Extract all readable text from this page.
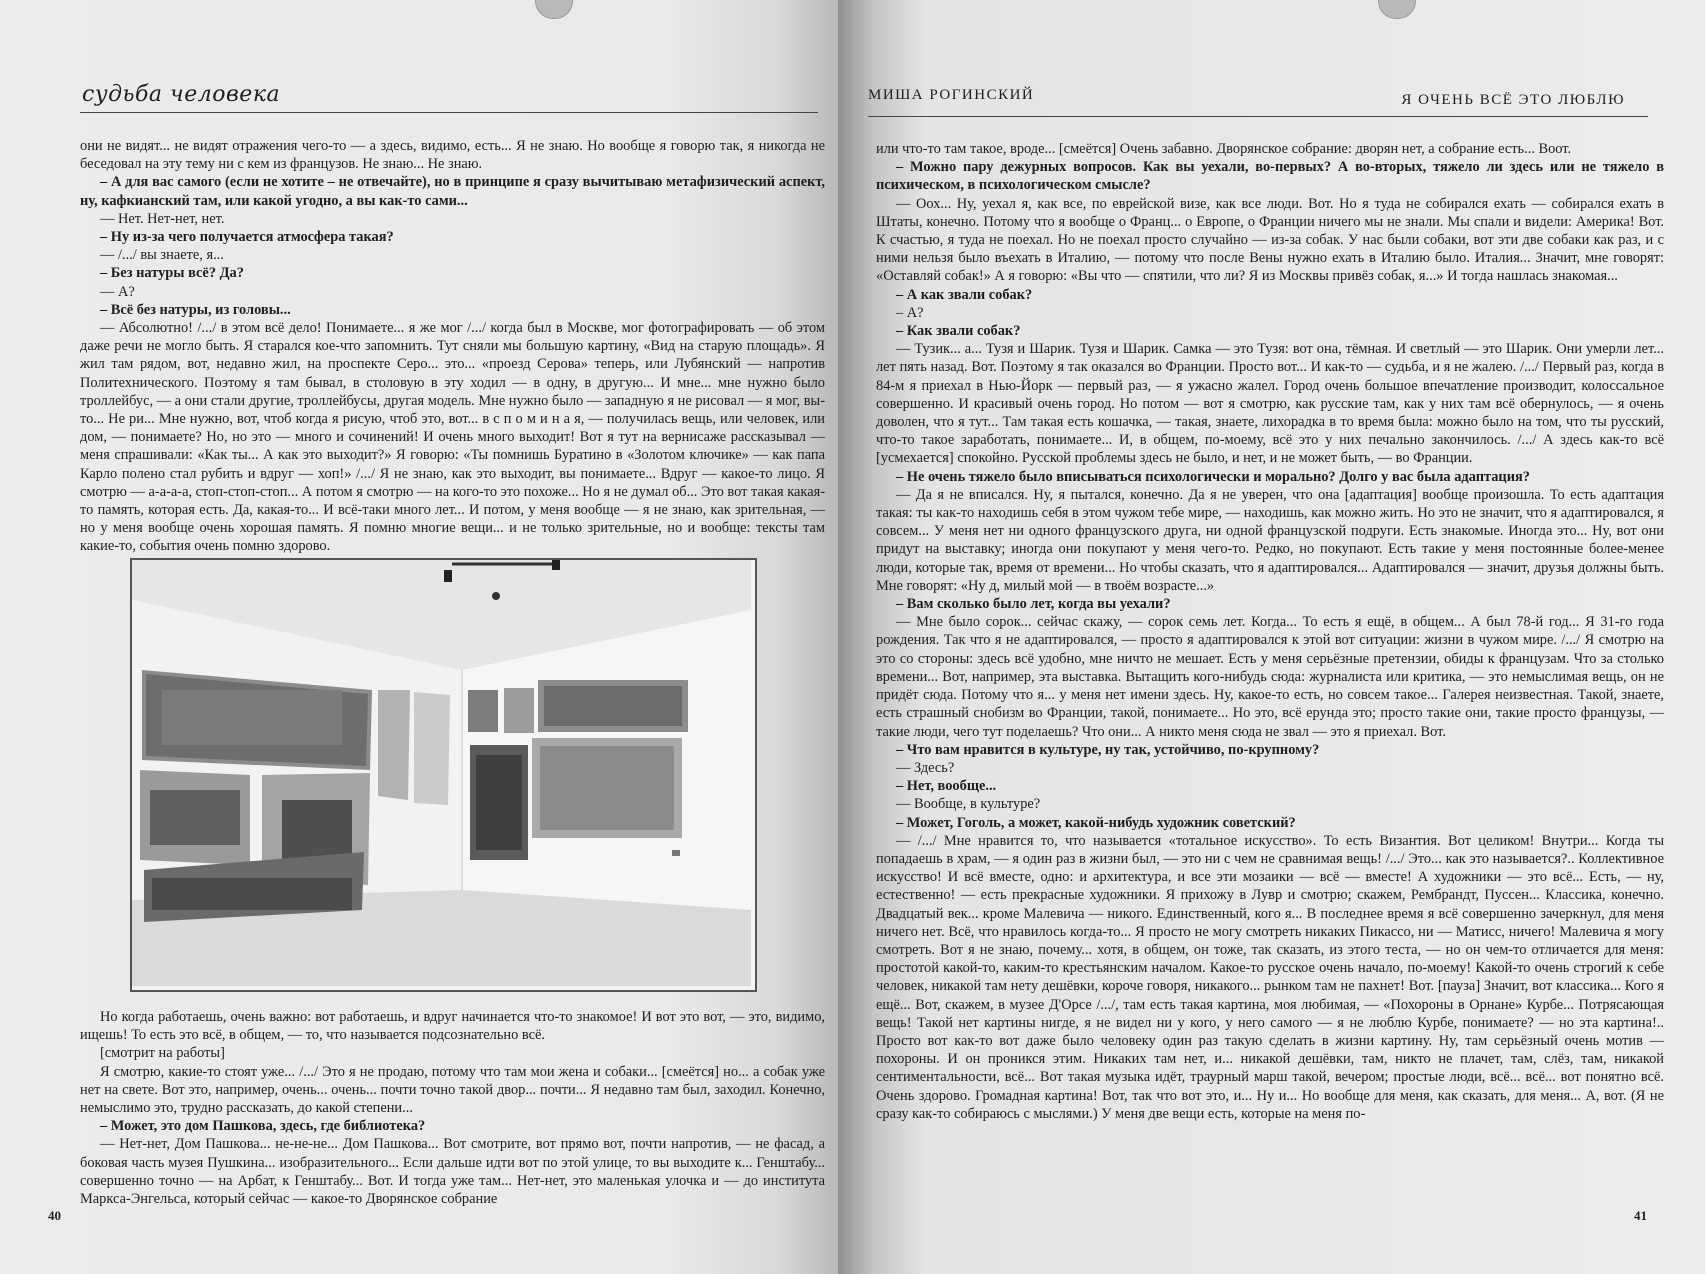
судьба человека

они не видят... не видят отражения чего-то — а здесь, видимо, есть... Я не знаю. Но вообще я говорю так, я никогда не беседовал на эту тему ни с кем из французов. Не знаю... Не знаю.

– А для вас самого (если не хотите – не отвечайте), но в принципе я сразу вычитываю метафизический аспект, ну, кафкианский там, или какой угодно, а вы как-то сами...

— Нет. Нет-нет, нет.

– Ну из-за чего получается атмосфера такая?

— /.../ вы знаете, я...

– Без натуры всё? Да?

— А?

– Всё без натуры, из головы...

— Абсолютно! /.../ в этом всё дело! Понимаете... я же мог /.../ когда был в Москве, мог фотографировать — об этом даже речи не могло быть. Я старался кое-что запомнить. Тут сняли мы большую картину, «Вид на старую площадь». Я жил там рядом, вот, недавно жил, на проспекте Серо... это... «проезд Серова» теперь, или Лубянский — напротив Политехнического. Поэтому я там бывал, в столовую в эту ходил — в одну, в другую... И мне... мне нужно было троллейбус, — а они стали другие, троллейбусы, другая модель. Мне нужно было — западную я не рисовал — я мог, вы-то... Не ри... Мне нужно, вот, чтоб когда я рисую, чтоб это, вот... в с п о м и н а я, — получилась вещь, или человек, или дом, — понимаете? Но, но это — много и сочинений! И очень много выходит! Вот я тут на вернисаже рассказывал — меня спрашивали: «Как ты... А как это выходит?» Я говорю: «Ты помнишь Буратино в «Золотом ключике» — как папа Карло полено стал рубить и вдруг — хоп!» /.../ Я не знаю, как это выходит, вы понимаете... Вдруг — какое-то лицо. Я смотрю — а-а-а-а, стоп-стоп-стоп... А потом я смотрю — на кого-то это похоже... Но я не думал об... Это вот такая какая-то память, которая есть. Да, какая-то... И всё-таки много лет... И потом, у меня вообще — я не знаю, как зрительная, — но у меня вообще очень хорошая память. Я помню многие вещи... и не только зрительные, но и вообще: тексты там какие-то, события очень помню здорово.

Но когда работаешь, очень важно: вот работаешь, и вдруг начинается что-то знакомое! И вот это вот, — это, видимо, ищешь! То есть это всё, в общем, — то, что называется подсознательно всё.

[смотрит на работы]

Я смотрю, какие-то стоят уже... /.../ Это я не продаю, потому что там мои жена и собаки... [смеётся] но... а собак уже нет на свете. Вот это, например, очень... очень... почти точно такой двор... почти... Я недавно там был, заходил. Конечно, немыслимо это, трудно рассказать, до какой степени...

– Может, это дом Пашкова, здесь, где библиотека?

— Нет-нет, Дом Пашкова... не-не-не... Дом Пашкова... Вот смотрите, вот прямо вот, почти напротив, — не фасад, а боковая часть музея Пушкина... изобразительного... Если дальше идти вот по этой улице, то вы выходите к... Генштабу... совершенно точно — на Арбат, к Генштабу... Вот. И тогда уже там... Нет-нет, это маленькая улочка и — до института Маркса-Энгельса, который сейчас — какое-то Дворянское собрание

40
МИША РОГИНСКИЙ	Я ОЧЕНЬ ВСЁ ЭТО ЛЮБЛЮ

или что-то там такое, вроде... [смеётся] Очень забавно. Дворянское собрание: дворян нет, а собрание есть... Воот.

– Можно пару дежурных вопросов. Как вы уехали, во-первых? А во-вторых, тяжело ли здесь или не тяжело в психическом, в психологическом смысле?

— Оох... Ну, уехал я, как все, по еврейской визе, как все люди. Вот. Но я туда не собирался ехать — собирался ехать в Штаты, конечно. Потому что я вообще о Франц... о Европе, о Франции ничего мы не знали. Мы спали и видели: Америка! Вот. К счастью, я туда не поехал. Но не поехал просто случайно — из-за собак. У нас были собаки, вот эти две собаки как раз, и с ними нельзя было въехать в Италию, — потому что после Вены нужно ехать в Италию было. Италия... Значит, мне говорят: «Оставляй собак!» А я говорю: «Вы что — спятили, что ли? Я из Москвы привёз собак, я...» И тогда нашлась знакомая...

– А как звали собак?

– А?

– Как звали собак?

— Тузик... а... Тузя и Шарик. Тузя и Шарик. Самка — это Тузя: вот она, тёмная. И светлый — это Шарик. Они умерли лет... лет пять назад. Вот. Поэтому я так оказался во Франции. Просто вот... И как-то — судьба, и я не жалею. /.../ Первый раз, когда в 84-м я приехал в Нью-Йорк — первый раз, — я ужасно жалел. Город очень большое впечатление производит, колоссальное совершенно. И красивый очень город. Но потом — вот я смотрю, как русские там, как у них там всё обернулось, — я очень доволен, что я тут... Там такая есть кошачка, — такая, знаете, лихорадка в то время была: можно было на том, что ты русский, что-то такое заработать, понимаете... И, в общем, по-моему, всё это у них печально закончилось. /.../ А здесь как-то всё [усмехается] спокойно. Русской проблемы здесь не было, и нет, и не может быть, — во Франции.

– Не очень тяжело было вписываться психологически и морально? Долго у вас была адаптация?

— Да я не вписался. Ну, я пытался, конечно. Да я не уверен, что она [адаптация] вообще произошла. То есть адаптация такая: ты как-то находишь себя в этом чужом тебе мире, — находишь, как можно жить. Но это не значит, что я адаптировался, я совсем... У меня нет ни одного французского друга, ни одной французской подруги. Есть знакомые. Иногда это... Ну, вот они придут на выставку; иногда они покупают у меня чего-то. Редко, но покупают. Есть такие у меня постоянные более-менее люди, которые так, время от времени... Но чтобы сказать, что я адаптировался... Адаптировался — значит, друзья должны быть. Мне говорят: «Ну д, милый мой — в твоём возрасте...»

– Вам сколько было лет, когда вы уехали?

— Мне было сорок... сейчас скажу, — сорок семь лет. Когда... То есть я ещё, в общем... А был 78-й год... Я 31-го года рождения. Так что я не адаптировался, — просто я адаптировался к этой вот ситуации: жизни в чужом мире. /.../ Я смотрю на это со стороны: здесь всё удобно, мне ничто не мешает. Есть у меня серьёзные претензии, обиды к французам. Что за столько времени... Вот, например, эта выставка. Вытащить кого-нибудь сюда: журналиста или критика, — это немыслимая вещь, он не придёт сюда. Потому что я... у меня нет имени здесь. Ну, какое-то есть, но совсем такое... Галерея неизвестная. Такой, знаете, есть страшный снобизм во Франции, такой, понимаете... Но это, всё ерунда это; просто такие они, такие просто французы, — такие люди, чего тут поделаешь? Что они... А никто меня сюда не звал — это я приехал. Вот.

– Что вам нравится в культуре, ну так, устойчиво, по-крупному?

— Здесь?

– Нет, вообще...

— Вообще, в культуре?

– Может, Гоголь, а может, какой-нибудь художник советский?

— /.../ Мне нравится то, что называется «тотальное искусство». То есть Византия. Вот целиком! Внутри... Когда ты попадаешь в храм, — я один раз в жизни был, — это ни с чем не сравнимая вещь! /.../ Это... как это называется?.. Коллективное искусство! И всё вместе, одно: и архитектура, и все эти мозаики — всё — вместе! А художники — это всё... Есть, — ну, естественно! — есть прекрасные художники. Я прихожу в Лувр и смотрю; скажем, Рембрандт, Пуссен... Классика, конечно. Двадцатый век... кроме Малевича — никого. Единственный, кого я... В последнее время я всё совершенно зачеркнул, для меня ничего нет. Всё, что нравилось когда-то... Я просто не могу смотреть никаких Пикассо, ни — Матисс, ничего! Малевича я могу смотреть. Вот я не знаю, почему... хотя, в общем, он тоже, так сказать, из этого теста, — но он чем-то отличается для меня: простотой какой-то, каким-то крестьянским началом. Какое-то русское очень начало, по-моему! Какой-то очень строгий к себе человек, никакой там нету дешёвки, короче говоря, никакого... рынком там не пахнет! Вот. [пауза] Значит, вот классика... Кого я ещё... Вот, скажем, в музее Д'Орсе /.../, там есть такая картина, моя любимая, — «Похороны в Орнане» Курбе... Потрясающая вещь! Такой нет картины нигде, я не видел ни у кого, у него самого — я не люблю Курбе, понимаете? — но эта картина!.. Просто вот как-то вот даже было человеку один раз такую сделать в жизни картину. Ну, там серьёзный очень мотив — похороны. И он проникся этим. Никаких там нет, и... никакой дешёвки, там, никто не плачет, там, слёз, там, никакой сентиментальности, всё... Вот такая музыка идёт, траурный марш такой, вечером; простые люди, всё... всё... вот понятно всё. Очень здорово. Громадная картина! Вот, так что вот это, и... Ну и... Но вообще для меня, как сказать, для меня... А, вот. (Я не сразу как-то собираюсь с мыслями.) У меня две вещи есть, которые на меня по-

41
